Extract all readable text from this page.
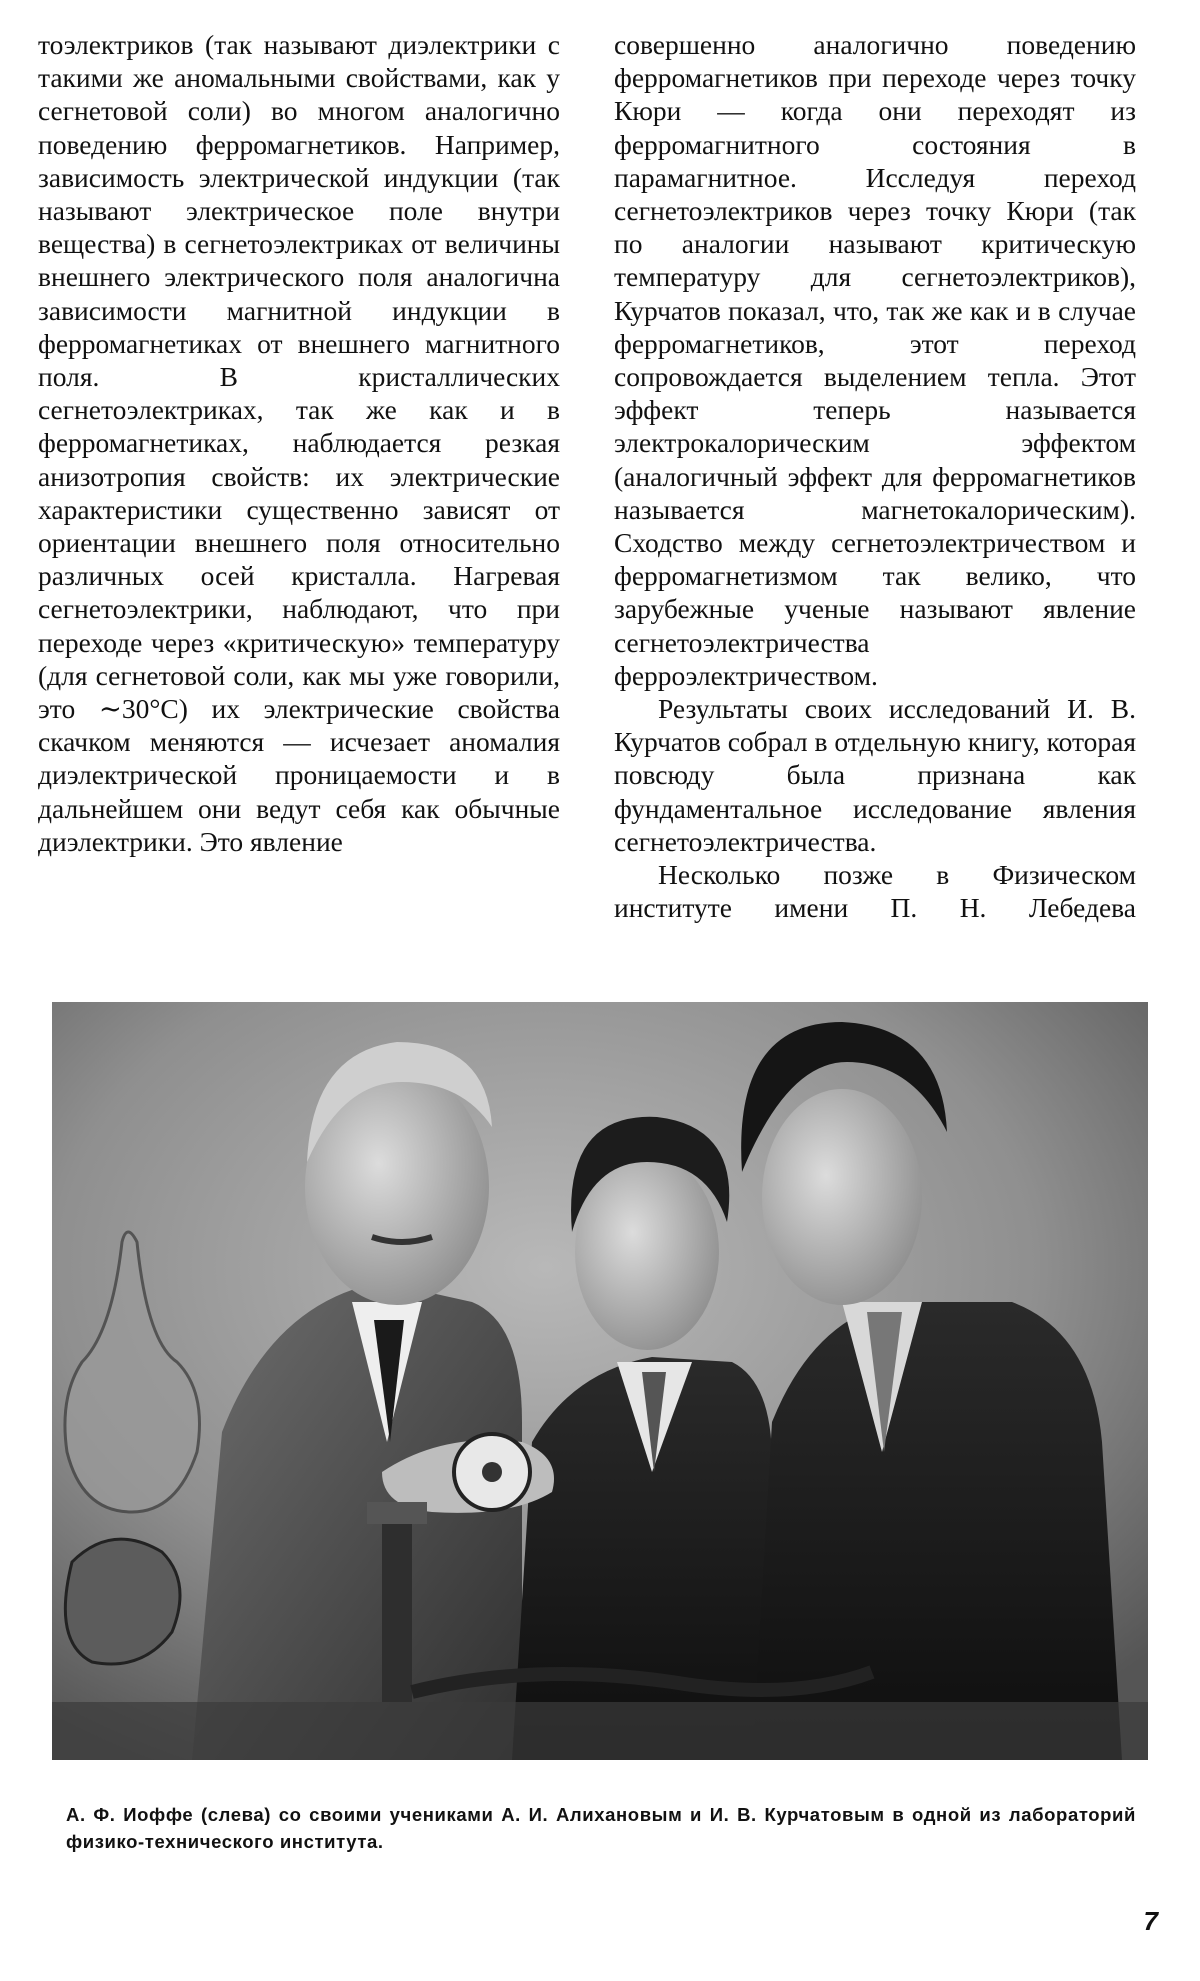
тоэлектриков (так называют диэлектрики с такими же аномальными свойствами, как у сегнетовой соли) во многом аналогично поведению ферромагнетиков. Например, зависимость электрической индукции (так называют электрическое поле внутри вещества) в сегнетоэлектриках от величины внешнего электрического поля аналогична зависимости магнитной индукции в ферромагнетиках от внешнего магнитного поля. В кристаллических сегнетоэлектриках, так же как и в ферромагнетиках, наблюдается резкая анизотропия свойств: их электрические характеристики существенно зависят от ориентации внешнего поля относительно различных осей кристалла. Нагревая сегнетоэлектрики, наблюдают, что при переходе через «критическую» температуру (для сегнетовой соли, как мы уже говорили, это ∼30°С) их электрические свойства скачком меняются — исчезает аномалия диэлектрической проницаемости и в дальнейшем они ведут себя как обычные диэлектрики. Это явление

совершенно аналогично поведению ферромагнетиков при переходе через точку Кюри — когда они переходят из ферромагнитного состояния в парамагнитное. Исследуя переход сегнетоэлектриков через точку Кюри (так по аналогии называют критическую температуру для сегнетоэлектриков), Курчатов показал, что, так же как и в случае ферромагнетиков, этот переход сопровождается выделением тепла. Этот эффект теперь называется электрокалорическим эффектом (аналогичный эффект для ферромагнетиков называется магнетокалорическим). Сходство между сегнетоэлектричеством и ферромагнетизмом так велико, что зарубежные ученые называют явление сегнетоэлектричества ферроэлектричеством.

Результаты своих исследований И. В. Курчатов собрал в отдельную книгу, которая повсюду была признана как фундаментальное исследование явления сегнетоэлектричества.

Несколько позже в Физическом институте имени П. Н. Лебедева

А. Ф. Иоффе (слева) со своими учениками А. И. Алихановым и И. В. Курчатовым в одной из лабораторий физико-технического института.
7
